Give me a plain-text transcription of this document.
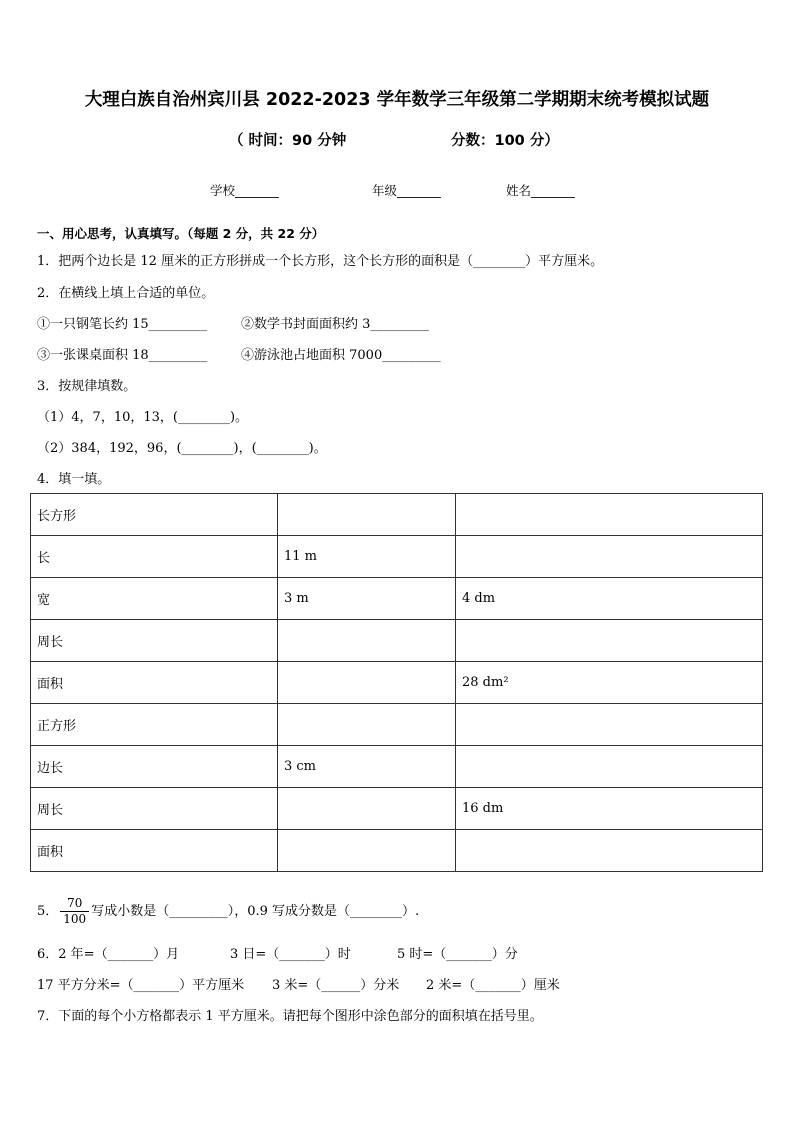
大理白族自治州宾川县 2022-2023 学年数学三年级第二学期期末统考模拟试题
（ 时间：90 分钟	分数：100 分）
学校_______	年级_______	姓名_______
一、用心思考，认真填写。（每题 2 分，共 22 分）
1．把两个边长是 12 厘米的正方形拼成一个长方形，这个长方形的面积是（________）平方厘米。
2．在横线上填上合适的单位。
①一只钢笔长约 15_________	②数学书封面面积约 3_________
③一张课桌面积 18_________	④游泳池占地面积 7000_________
3．按规律填数。
（1）4，7，10，13，(________)。
（2）384，192，96，(________)，(________)。
4．填一填。
长方形		
长	11 m	
宽	3 m	4 dm
周长		
面积		28 dm²
正方形		
边长	3 cm	
周长		16 dm
面积		
5． $\frac{70}{100}$ 写成小数是（_________），0.9 写成分数是（________）.
6．2 年=（_______）月	3 日=（_______）时	5 时=（_______）分
17 平方分米=（_______）平方厘米 3 米=（______）分米 2 米=（_______）厘米
7．下面的每个小方格都表示 1 平方厘米。请把每个图形中涂色部分的面积填在括号里。
